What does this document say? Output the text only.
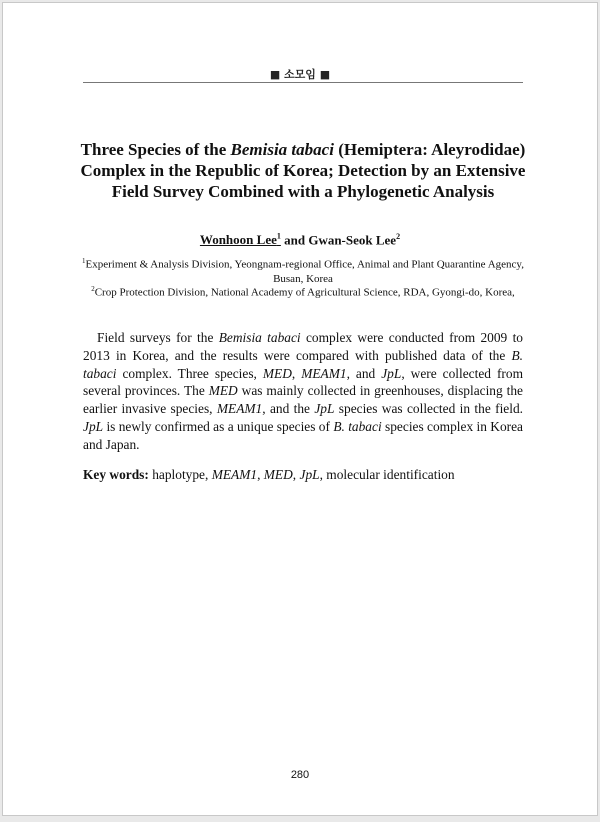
■ 소모임 ■
Three Species of the Bemisia tabaci (Hemiptera: Aleyrodidae) Complex in the Republic of Korea; Detection by an Extensive Field Survey Combined with a Phylogenetic Analysis
Wonhoon Lee$^1$ and Gwan-Seok Lee$^2$
$^1$Experiment & Analysis Division, Yeongnam-regional Office, Animal and Plant Quarantine Agency, Busan, Korea
$^2$Crop Protection Division, National Academy of Agricultural Science, RDA, Gyongi-do, Korea,

Field surveys for the Bemisia tabaci complex were conducted from 2009 to 2013 in Korea, and the results were compared with published data of the B. tabaci complex. Three species, MED, MEAM1, and JpL, were collected from several provinces. The MED was mainly collected in greenhouses, displacing the earlier invasive species, MEAM1, and the JpL species was collected in the field. JpL is newly confirmed as a unique species of B. tabaci species complex in Korea and Japan.

Key words: haplotype, MEAM1, MED, JpL, molecular identification
280
